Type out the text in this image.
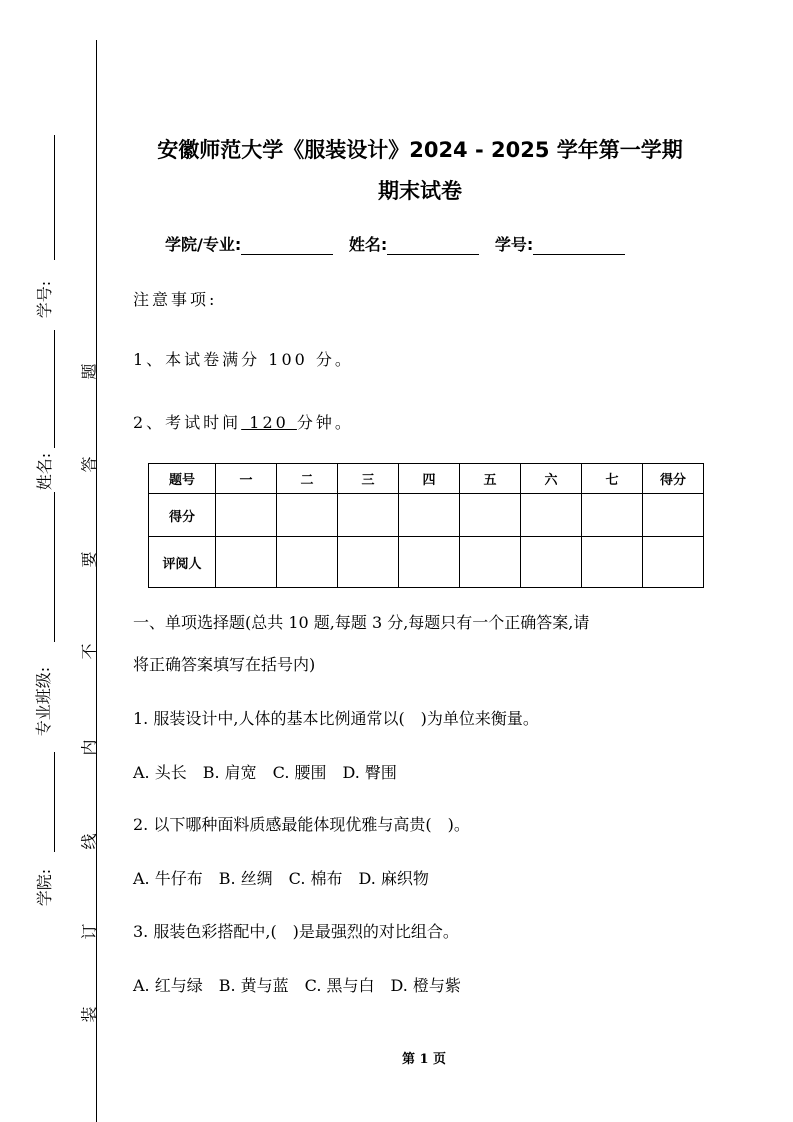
学号:
姓名:
专业班级:
学院:
题
答
要
不
内
线
订
装
安徽师范大学《服装设计》2024 - 2025 学年第一学期
期末试卷
学院/专业:	姓名:	学号:
注意事项:
1、本试卷满分 100 分。
2、考试时间 120 分钟。
题号	一	二	三	四	五	六	七	得分
得分								
评阅人								
一、单项选择题(总共 10 题,每题 3 分,每题只有一个正确答案,请
将正确答案填写在括号内)
1. 服装设计中,人体的基本比例通常以(　)为单位来衡量。
A. 头长　B. 肩宽　C. 腰围　D. 臀围
2. 以下哪种面料质感最能体现优雅与高贵(　)。
A. 牛仔布　B. 丝绸　C. 棉布　D. 麻织物
3. 服装色彩搭配中,(　)是最强烈的对比组合。
A. 红与绿　B. 黄与蓝　C. 黑与白　D. 橙与紫
第 1 页
